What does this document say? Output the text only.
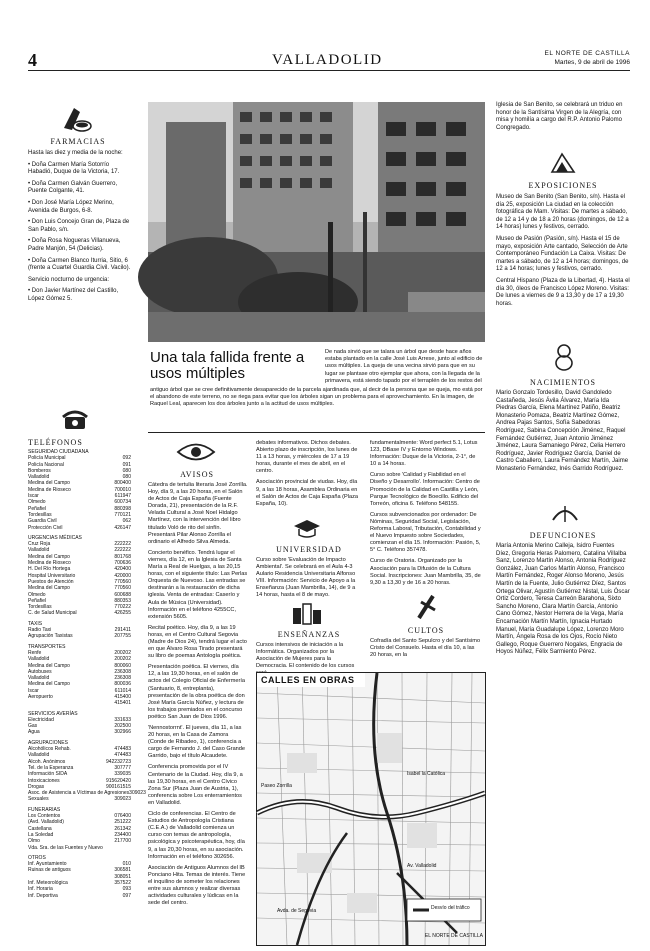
4	VALLADOLID	EL NORTE DE CASTILLA
Martes, 9 de abril de 1996
FARMACIAS

Hasta las diez y media de la noche:

• Doña Carmen María Sotorrío Habadió, Duque de la Victoria, 17.

• Doña Carmen Galván Guerrero, Puente Colgante, 41.

• Don José María López Merino, Avenida de Burgos, 6-8.

• Don Luis Concejo Gran de, Plaza de San Pablo, s/n.

• Doña Rosa Nogueras Villanueva, Padre Manjón, 54 (Delicias).

• Doña Carmen Blanco Iturria, Sitio, 6 (frente a Cuartel Guardia Civil. Vacilo).

Servicio nocturno de urgencia:

• Don Javier Martínez del Castillo, López Gómez 5.

TELÉFONOS
SEGURIDAD CIUDADANA
Policía Municipal	092
Policía Nacional	091
Bomberos	080
Valladolid	080
Medina del Campo	800400
Medina de Rioseco	700010
Iscar	611947
Olmedo	600734
Peñafiel	880398
Tordesillas	770121
Guardia Civil	062
Protección Civil	426147
URGENCIAS MÉDICAS
Cruz Roja	222222
Valladolid	222222
Medina del Campo	801768
Medina de Rioseco	700636
H. Del Río Hortega	420400
Hospital Universitario	420000
Puestos de Atención	770560
Medina del Campo	770560
Olmedo	600688
Peñafiel	880353
Tordesillas	770222
C. de Salud Municipal	426255
TAXIS
Radio Taxi	291411
Agrupación Taxistas	207755
TRANSPORTES
Renfe	200202
Valladolid	200202
Medina del Campo	800060
Autobuses	236308
Valladolid	236308
Medina del Campo	800036
Iscar	611014
Aeropuerto	415400
415401
SERVICIOS AVERÍAS
Electricidad	331633
Gas	202500
Agua	302966
AGRUPACIONES
Alcohólicos Rehab.	474483
Valladolid	474483
Alcoh. Anónimos	942232723
Tel. de la Esperanza	307777
Información SIDA	339035
Intoxicaciones	915620420
Drogas	900161515
Asoc. de Asistencia a Víctimas de Agresiones 309023
Sexuales	309023
FUNERARIAS
Los Contentos	076400
(Avd. Valladolid)	251222
Castellana	261342
La Soledad	234400
Olmo	217700
Vda. Sra. de las Fuentes y Nuevo
OTROS
Inf. Ayuntamiento	010
Ruinas de antiguos	306581
308051
Inf. Meteorológica	357522
Inf. Horaria	093
Inf. Deportiva	097
Una tala fallida frente a usos múltiples
De nada sirvió que se talara un árbol que desde hace años estaba plantado en la calle José Luis Arrese, junto al edificio de usos múltiples. La queja de una vecina sirvió para que en su lugar se plantase otro ejemplar que ahora, con la llegada de la primavera, está siendo tapado por el terraplén de los restos del
antiguo árbol que se cree definitivamente desaparecido de la parcela ajardinada que, al decir de la persona que se queja, mo está por el abandono de este terreno, no se riega para evitar que los árboles sigan un problema para el aprovechamiento. En la imagen, de Raquel Leal, aparecen los dos árboles junto a la actitud de usos múltiples.
Iglesia de San Benito, se celebrará un triduo en honor de la Santísima Virgen de la Alegría, con misa y homilía a cargo del R.P. Antonio Palomo Congregado.
EXPOSICIONES

Museo de San Benito (San Benito, s/n). Hasta el día 25, exposición La ciudad en la colección fotográfica de Mam. Visitas: De martes a sábado, de 12 a 14 y de 18 a 20 horas (domingos, de 12 a 14 horas) lunes y festivos, cerrado.

Museo de Pasión (Pasión, s/n). Hasta el 15 de mayo, exposición Arte cantado, Selección de Arte Contemporáneo Fundación La Caixa. Visitas: De martes a sábado, de 12 a 14 horas; domingos, de 12 a 14 horas; lunes y festivos, cerrado.

Central Hispano (Plaza de la Libertad, 4). Hasta el día 30, óleos de Francisco López Moreno. Visitas: De lunes a viernes de 9 a 13,30 y de 17 a 19,30 horas.

NACIMIENTOS
Mario Gonzalo Tordesillo, David Gandoledo Castañeda, Jesús Ávila Álvarez, María Ida Piedras García, Elena Martínez Patiño, Beatriz Monasterio Pomaza, Beatriz Martínez Gómez, Andrea Pajas Santos, Sofía Sabedoras Rodríguez, Sabina Concepción Jiménez, Raquel Fernández Gutiérrez, Juan Antonio Jiménez Jiménez, Laura Samaniego Pérez, Celia Herrero Rodríguez, Javier Rodríguez García, Daniel de Castro Caballero, Laura Fernández Martín, Jaime Monasterio Fernández, Inés Garrido Rodríguez.
DEFUNCIONES
María Antonia Merino Calleja, Isidro Fuentes Díez, Gregoria Heras Palomero, Catalina Villalba Sanz, Lorenzo Martín Alonso, Antonia Rodríguez González, Juan Carlos Martín Alonso, Francisco Martín Fernández, Roger Alonso Moreno, Jesús Martín de la Fuente, Julio Gutiérrez Díez, Santos Ortega Olivar, Agustín Gutiérrez Nistal, Luis Óscar Ortiz Cordero, Teresa Carreón Barahona, Sixto Sancho Moreno, Clara Martín García, Antonio Cano Gómez, Nestor Herrera de la Vega, María Encarnación Martín Martín, Ignacia Hurtado Manuel, María Guadalupe López, Lorenzo Moro Martín, Ángela Rosa de los Ojos, Rocío Nieto Gallego, Roque Guerrero Nogales, Engracia de Hoyos Núñez, Félix Sarmiento Pérez.
AVISOS

Cátedra de tertulia literaria José Zorrilla. Hoy, día 9, a las 20 horas, en el Salón de Actos de Caja España (Fuente Dorada, 21), presentación de la R.F. Velada Cultural a José Noel Hidalgo Martínez, con la intervención del libro titulado Voló de rito del sinfín. Presentará Pilar Alonso Zorrilla el ordinario el Alfredo Silva Almeda.

Concierto benéfico. Tendrá lugar el viernes, día 12, en la Iglesia de Santa María a Real de Huelgas, a las 20,15 horas, con el siguiente título: Las Perlas Orquesta de Nuevoso. Las entradas se destinarán a la restauración de dicha iglesia. Venta de entradas: Caserío y Aula de Música (Universidad). Información en el teléfono 4255CC, extensión 5605.

Recital poético. Hoy, día 9, a las 19 horas, en el Centro Cultural Segovia (Madre de Dios 24), tendrá lugar el acto en que Álvaro Rosa Tirado presentará su libro de poemas Antología poética.

Presentación poética. El viernes, día 12, a las 19,30 horas, en el salón de actos del Colegio Oficial de Enfermería (Santuario, 8, entreplanta), presentación de la obra poética de don José María García Núñez, y lectura de los trabajos premiados en el concurso poético San Juan de Dios 1996.

'Nennostorrnt'. El jueves, día 11, a las 20 horas, en la Casa de Zamora (Conde de Ribadeo, 1), conferencia a cargo de Fernando J. del Caso Grande Garrido, bajo el título Alcaudete.

Conferencia promovida por el IV Centenario de la Ciudad. Hoy, día 9, a las 19,30 horas, en el Centro Cívico Zona Sur (Plaza Juan de Austria, 1), conferencia sobre Los enterramientos en Valladolid.

Ciclo de conferencias. El Centro de Estudios de Antropología Cristiana (C.E.A.) de Valladolid comienza un curso con temas de antropología, psicológica y psicoterapéutica, hoy, día 9, a las 20,30 horas, en su asociación. Información en el teléfono 302656.

Asociación de Antiguos Alumnos del IB Ponciano Hita. Temas de interés. Tiene el inquilino de someter los relaciones entre sus alumnos y realizar diversas actividades culturales y lúdicas en la sede del centro.

debates informativos. Dichos debates. Abierto plazo de inscripción, los lunes de 11 a 13 horas, y miércoles de 17 a 19 horas, durante el mes de abril, en el centro.

Asociación provincial de viudas. Hoy, día 9, a las 18 horas, Asamblea Ordinaria en el Salón de Actos de Caja España (Plaza España, 10).

UNIVERSIDAD
Curso sobre 'Evaluación de Impacto Ambiental'. Se celebrará en el Aula 4-3 Aulario Residencia Universitaria Alfonso VIII. Información: Servicio de Apoyo a la Enseñanza (Juan Mambrilla, 14), de 9 a 14 horas, hasta el 8 de mayo.
ENSEÑANZAS
Cursos intensivos de iniciación a la Informática. Organizados por la Asociación de Mujeres para la Democracia. El contenido de los cursos

fundamentalmente: Word perfect 5.1, Lotus 123, DBase IV y Entorno Windows. Información: Duque de la Victoria, 2-1°, de 10 a 14 horas.

Curso sobre 'Calidad y Fiabilidad en el Diseño y Desarrollo'. Información: Centro de Promoción de la Calidad en Castilla y León, Parque Tecnológico de Boecillo. Edificio del Torreón, oficina 6. Teléfono 548155.

Cursos subvencionados por ordenador: De Nóminas, Seguridad Social, Legislación, Reforma Laboral, Tributación, Contabilidad y el Nuevo Impuesto sobre Sociedades, comienzan el día 15. Información: Pasión, 5, 5° C. Teléfono 357478.

Curso de Oratoria. Organizado por la Asociación para la Difusión de la Cultura Social. Inscripciones: Juan Mambrilla, 35, de 9,30 a 13,30 y de 16 a 20 horas.

CULTOS
Cofradía del Santo Sepulcro y del Santísimo Cristo del Consuelo. Hasta el día 10, a las 20 horas, en la
CALLES EN OBRAS
Paseo Zorrilla
Isabel la Católica
Avda. de Segovia
Av. Valladolid
Desvío del tráfico
EL NORTE DE CASTILLA
